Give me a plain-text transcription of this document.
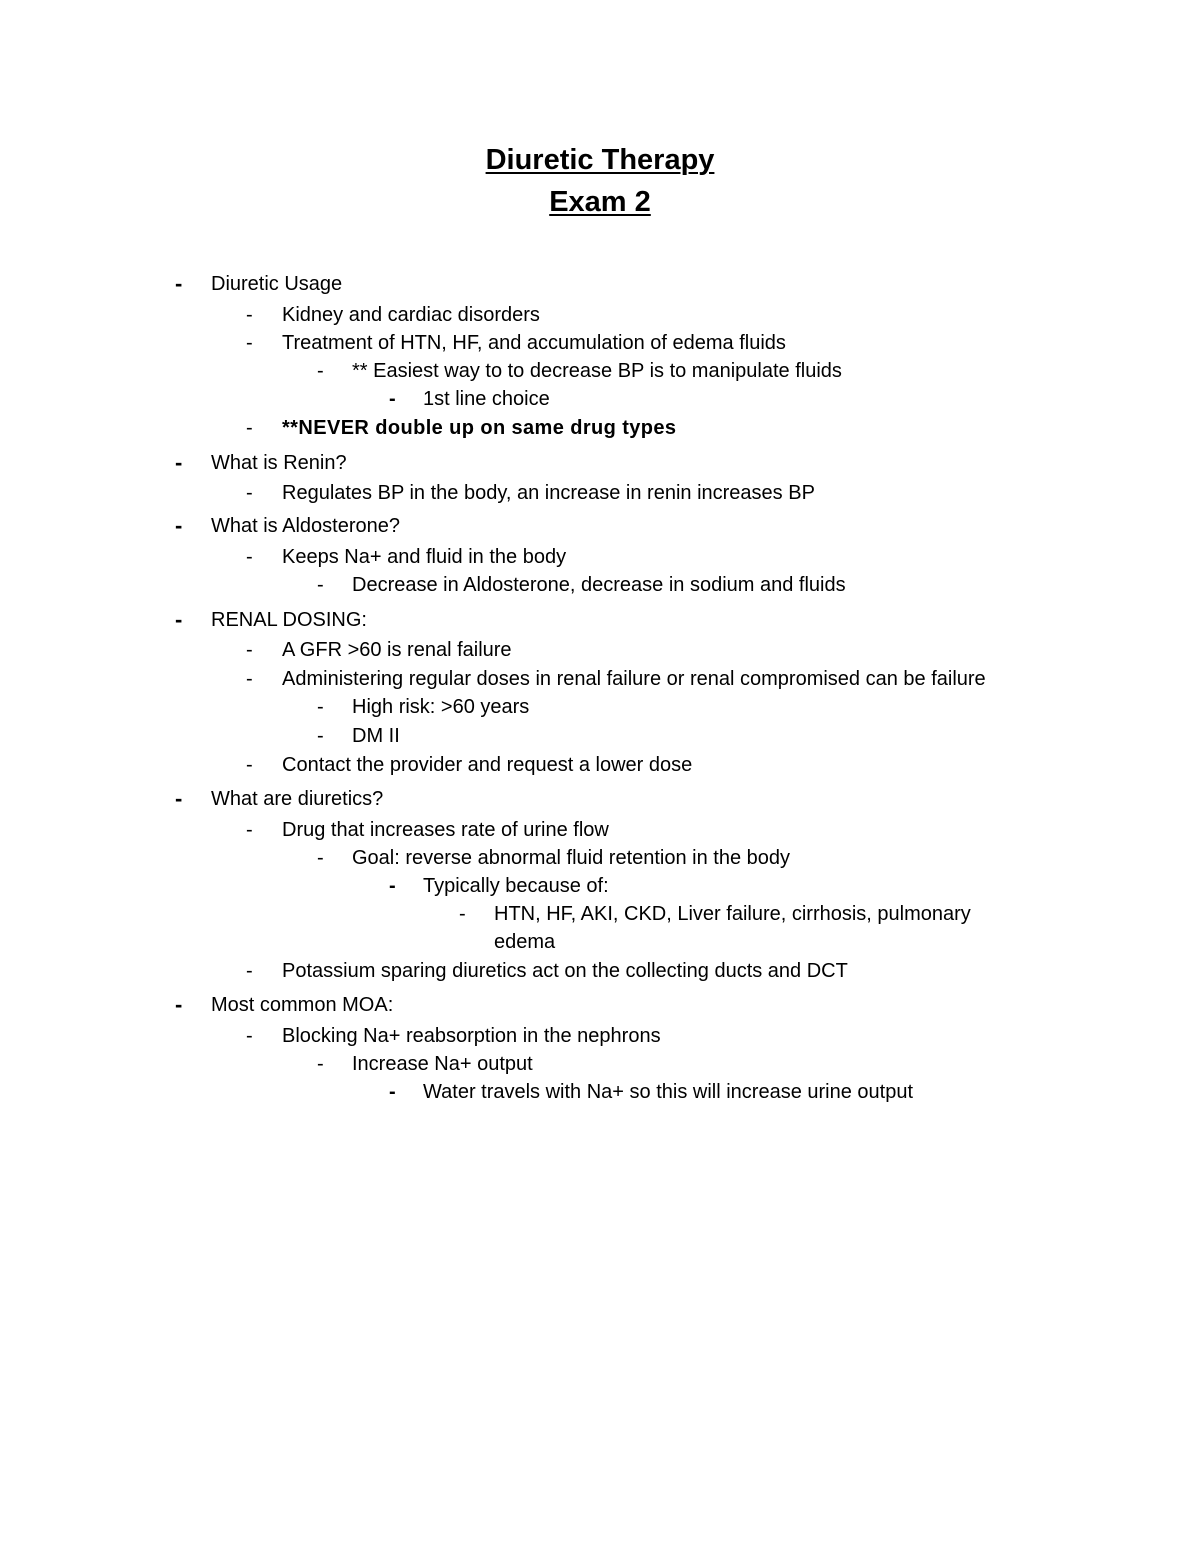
Diuretic Therapy
Exam 2
- Diuretic Usage
- Kidney and cardiac disorders
- Treatment of HTN, HF, and accumulation of edema fluids
- ** Easiest way to to decrease BP is to manipulate fluids
- 1st line choice
- **NEVER double up on same drug types
- What is Renin?
- Regulates BP in the body, an increase in renin increases BP
- What is Aldosterone?
- Keeps Na+ and fluid in the body
- Decrease in Aldosterone, decrease in sodium and fluids
- RENAL DOSING:
- A GFR >60 is renal failure
- Administering regular doses in renal failure or renal compromised can be failure
- High risk: >60 years
- DM II
- Contact the provider and request a lower dose
- What are diuretics?
- Drug that increases rate of urine flow
- Goal: reverse abnormal fluid retention in the body
- Typically because of:
- HTN, HF, AKI, CKD, Liver failure, cirrhosis, pulmonary
edema
- Potassium sparing diuretics act on the collecting ducts and DCT
- Most common MOA:
- Blocking Na+ reabsorption in the nephrons
- Increase Na+ output
- Water travels with Na+ so this will increase urine output
